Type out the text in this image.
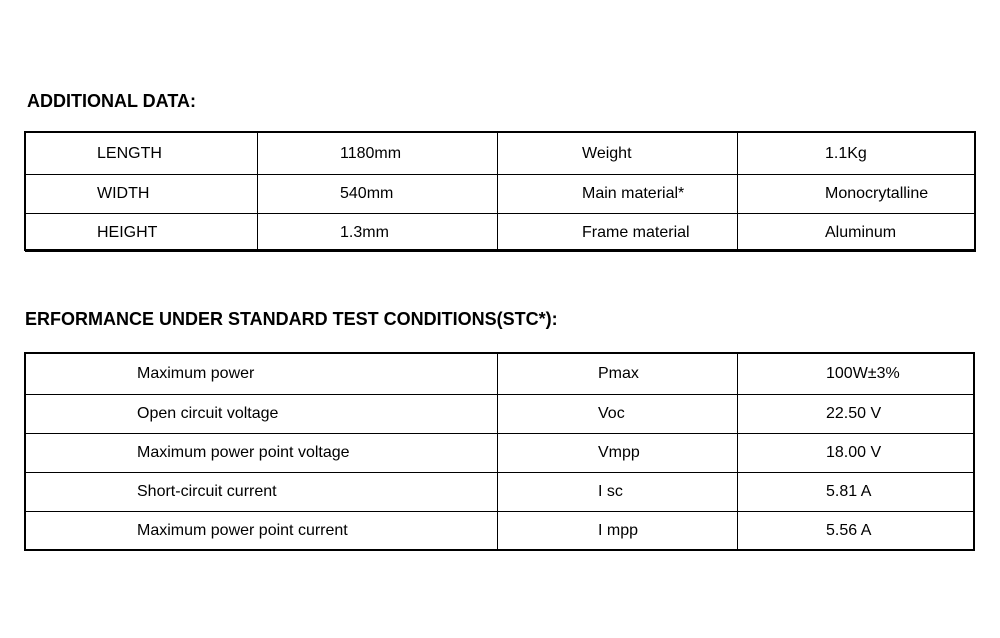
ADDITIONAL DATA:
LENGTH	1180mm	Weight	1.1Kg
WIDTH	540mm	Main material*	Monocrytalline
HEIGHT	1.3mm	Frame material	Aluminum
ERFORMANCE UNDER STANDARD TEST CONDITIONS(STC*):
Maximum power	Pmax	100W±3%
Open circuit voltage	Voc	22.50 V
Maximum power point voltage	Vmpp	18.00 V
Short-circuit current	I sc	5.81 A
Maximum power point current	I mpp	5.56 A
